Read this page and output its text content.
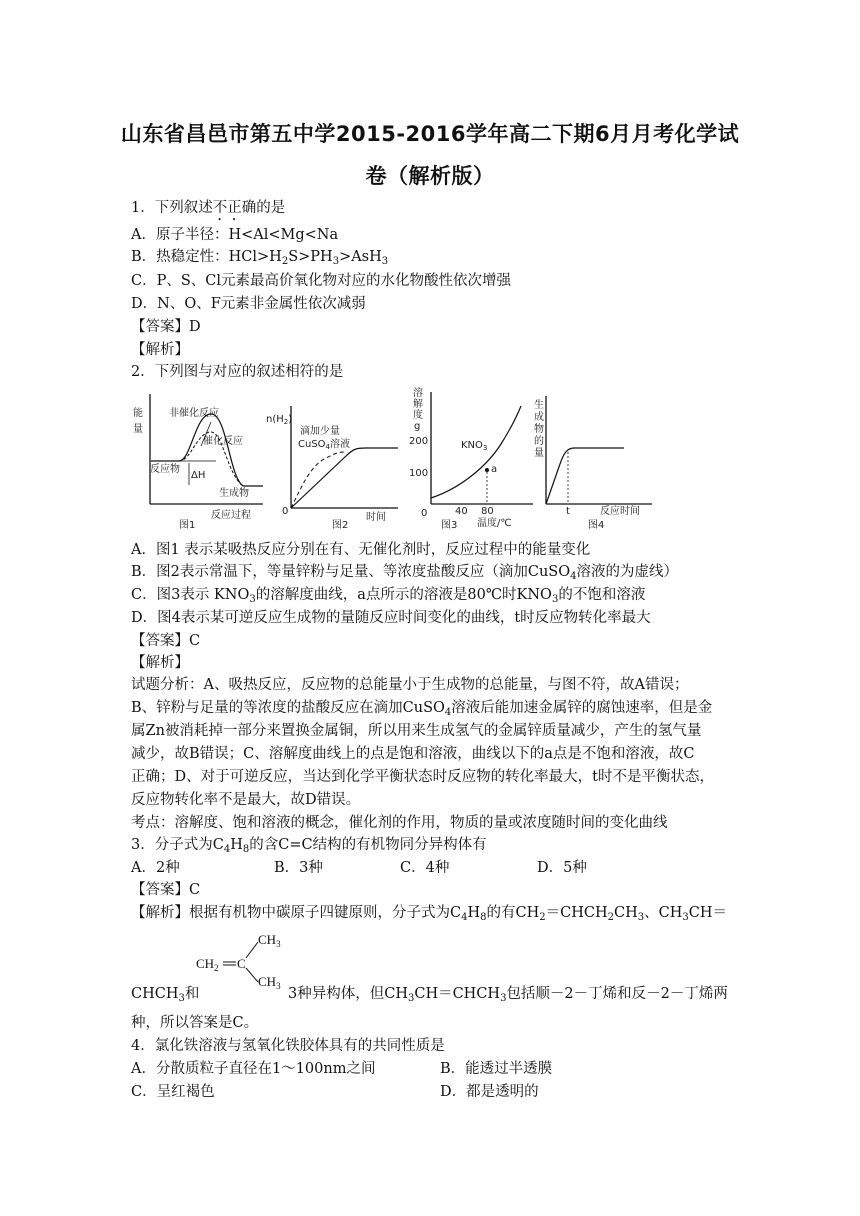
山东省昌邑市第五中学2015-2016学年高二下期6月月考化学试
卷（解析版）
1．下列叙述不正确的是
A．原子半径：H<Al<Mg<Na
B．热稳定性：$HCl>H_2S>PH_3>AsH_3$
C．P、S、Cl元素最高价氧化物对应的水化物酸性依次增强
D．N、O、F元素非金属性依次减弱
【答案】D
【解析】
2．下列图与对应的叙述相符的是
能
量
非催化反应
催化反应
反应物
ΔH
生成物
反应过程
图1
$n(H_2)$
滴加少量
CuSO$_4$溶液
0
时间
图2
溶
解
度
g
200
100
0	40 80
$KNO_3$
a
温度/℃
图3
生
成
物
的
量
t	反应时间
图4
A．图1 表示某吸热反应分别在有、无催化剂时，反应过程中的能量变化
B．图2表示常温下，等量锌粉与足量、等浓度盐酸反应（滴加CuSO$_4$溶液的为虚线）
C．图3表示 $KNO_3$的溶解度曲线，a点所示的溶液是80℃时$KNO_3$的不饱和溶液
D．图4表示某可逆反应生成物的量随反应时间变化的曲线，t时反应物转化率最大
【答案】C
【解析】
试题分析：A、吸热反应，反应物的总能量小于生成物的总能量，与图不符，故A错误；
B、锌粉与足量的等浓度的盐酸反应在滴加CuSO$_4$溶液后能加速金属锌的腐蚀速率，但是金
属Zn被消耗掉一部分来置换金属铜，所以用来生成氢气的金属锌质量减少，产生的氢气量
减少，故B错误；C、溶解度曲线上的点是饱和溶液，曲线以下的a点是不饱和溶液，故C
正确；D、对于可逆反应，当达到化学平衡状态时反应物的转化率最大，t时不是平衡状态，
反应物转化率不是最大，故D错误。
考点：溶解度、饱和溶液的概念，催化剂的作用，物质的量或浓度随时间的变化曲线
3．分子式为$C_4H_8$的含C=C结构的有机物同分异构体有
A．2种	B．3种	C．4种	D．5种
【答案】C
【解析】根据有机物中碳原子四键原则，分子式为$C_4H_8$的有$CH_2=CHCH_2CH_3$、$CH_3CH=$
$CH_3$
$CH_2$ C
$CH_3$
$CHCH_3$和	3种异构体，但$CH_3CH=CHCH_3$包括顺－2－丁烯和反－2－丁烯两
种，所以答案是C。
4．氯化铁溶液与氢氧化铁胶体具有的共同性质是
A．分散质粒子直径在1～100nm之间	B．能透过半透膜
C．呈红褐色	D．都是透明的
